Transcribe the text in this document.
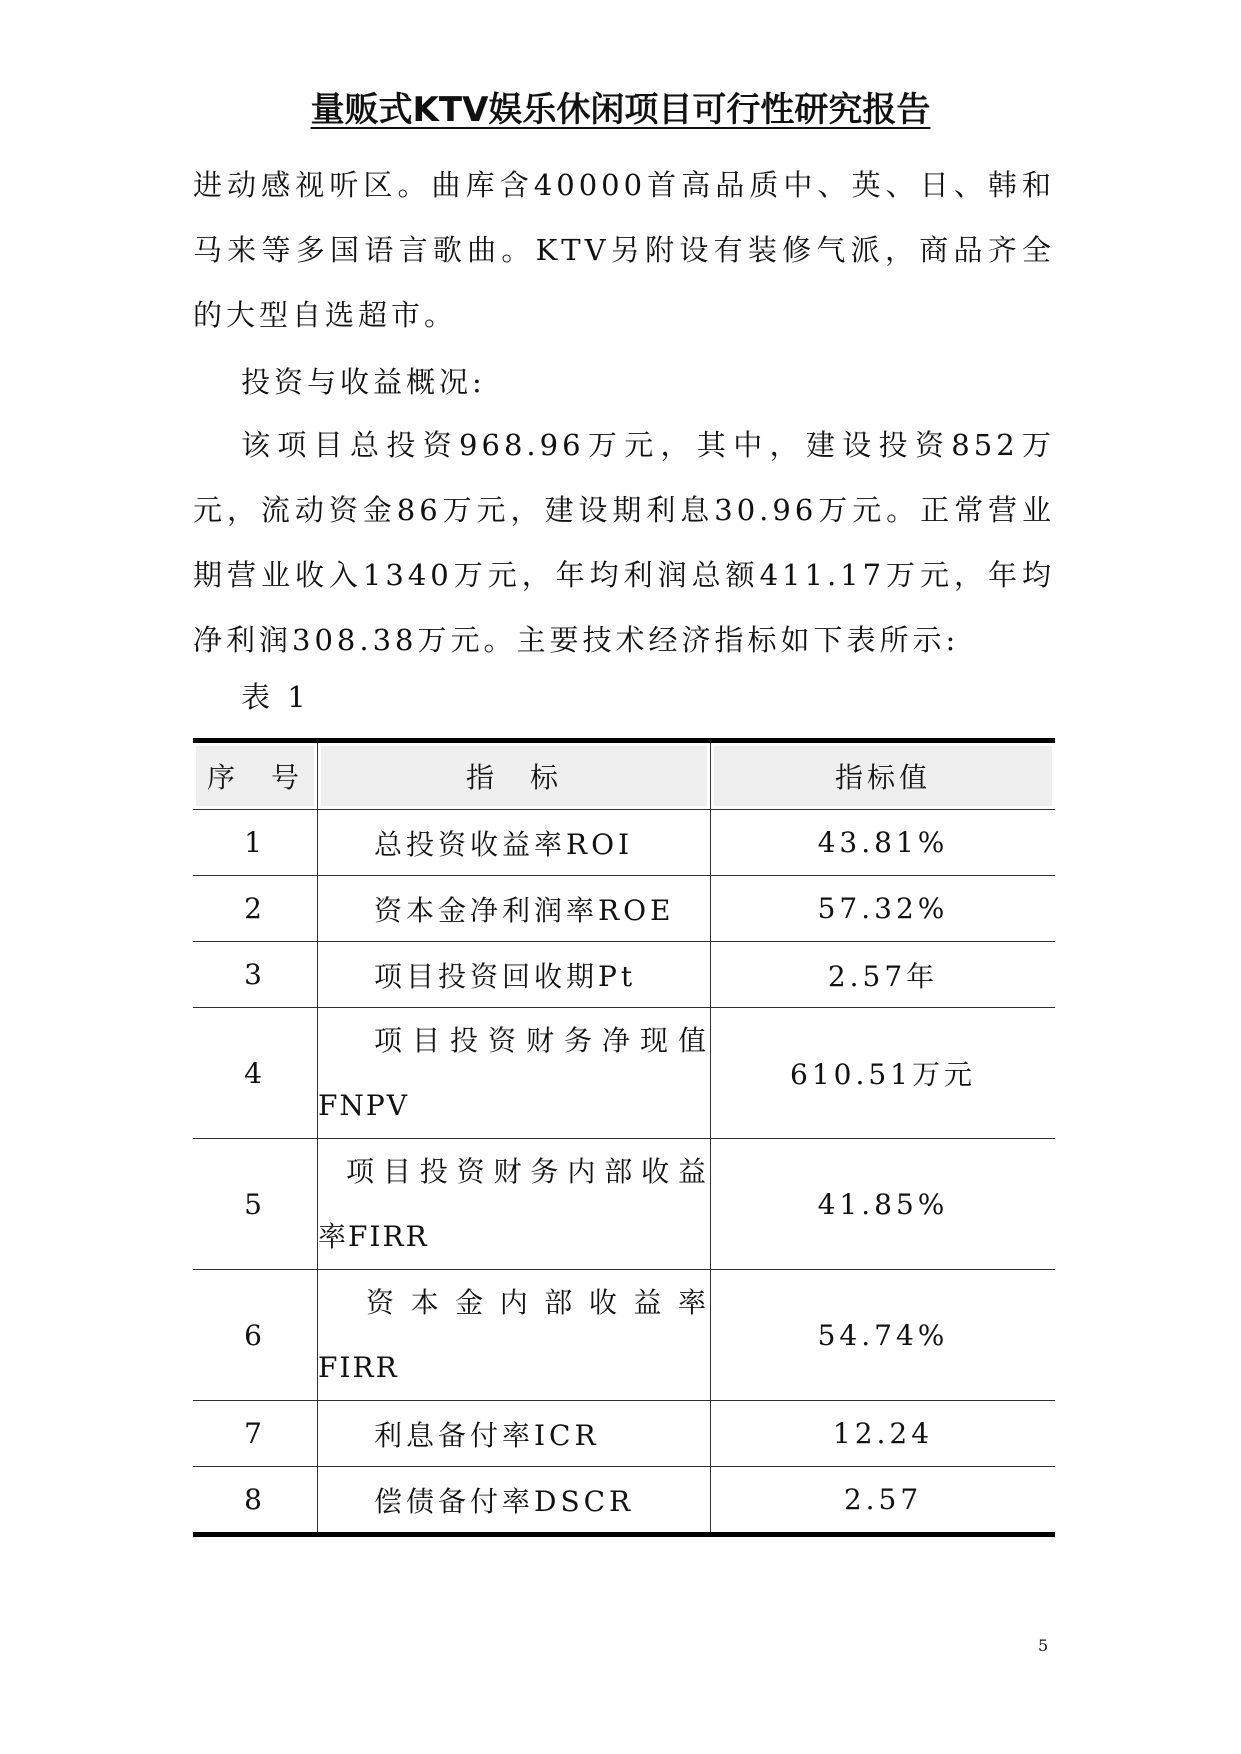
量贩式KTV娱乐休闲项目可行性研究报告
进动感视听区。曲库含40000首高品质中、英、日、韩和马来等多国语言歌曲。KTV另附设有装修气派，商品齐全的大型自选超市。
投资与收益概况:
该项目总投资968.96万元，其中，建设投资852万元，流动资金86万元，建设期利息30.96万元。正常营业期营业收入1340万元，年均利润总额411.17万元，年均净利润308.38万元。主要技术经济指标如下表所示:
表 1
序　号	指　标	指标值

1	总投资收益率ROI	43.81%
2	资本金净利润率ROE	57.32%
3	项目投资回收期Pt	2.57年
4	项目投资财务净现值
FNPV	610.51万元
5	项目投资财务内部收益
率FIRR	41.85%
6	资本金内部收益率
FIRR	54.74%
7	利息备付率ICR	12.24
8	偿债备付率DSCR	2.57
5
